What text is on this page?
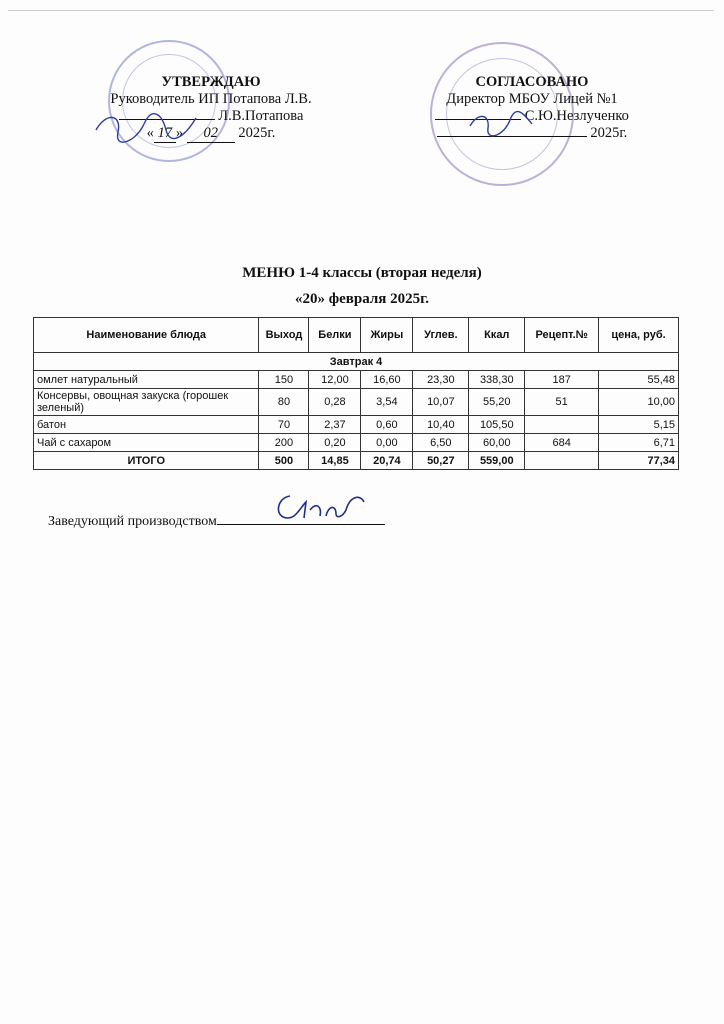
УТВЕРЖДАЮ
Руководитель ИП Потапова Л.В.
Л.В.Потапова
« 17 » 02 2025г.
СОГЛАСОВАНО
Директор МБОУ Лицей №1
С.Ю.Незлученко
2025г.
МЕНЮ 1-4 классы (вторая неделя)
«20» февраля 2025г.
Наименование блюда	Выход	Белки	Жиры	Углев.	Ккал	Рецепт.№	цена, руб.
Завтрак 4							
омлет натуральный	150	12,00	16,60	23,30	338,30	187	55,48
Консервы, овощная закуска (горошек зеленый)	80	0,28	3,54	10,07	55,20	51	10,00
батон	70	2,37	0,60	10,40	105,50		5,15
Чай с сахаром	200	0,20	0,00	6,50	60,00	684	6,71
ИТОГО	500	14,85	20,74	50,27	559,00		77,34
Заведующий производством
